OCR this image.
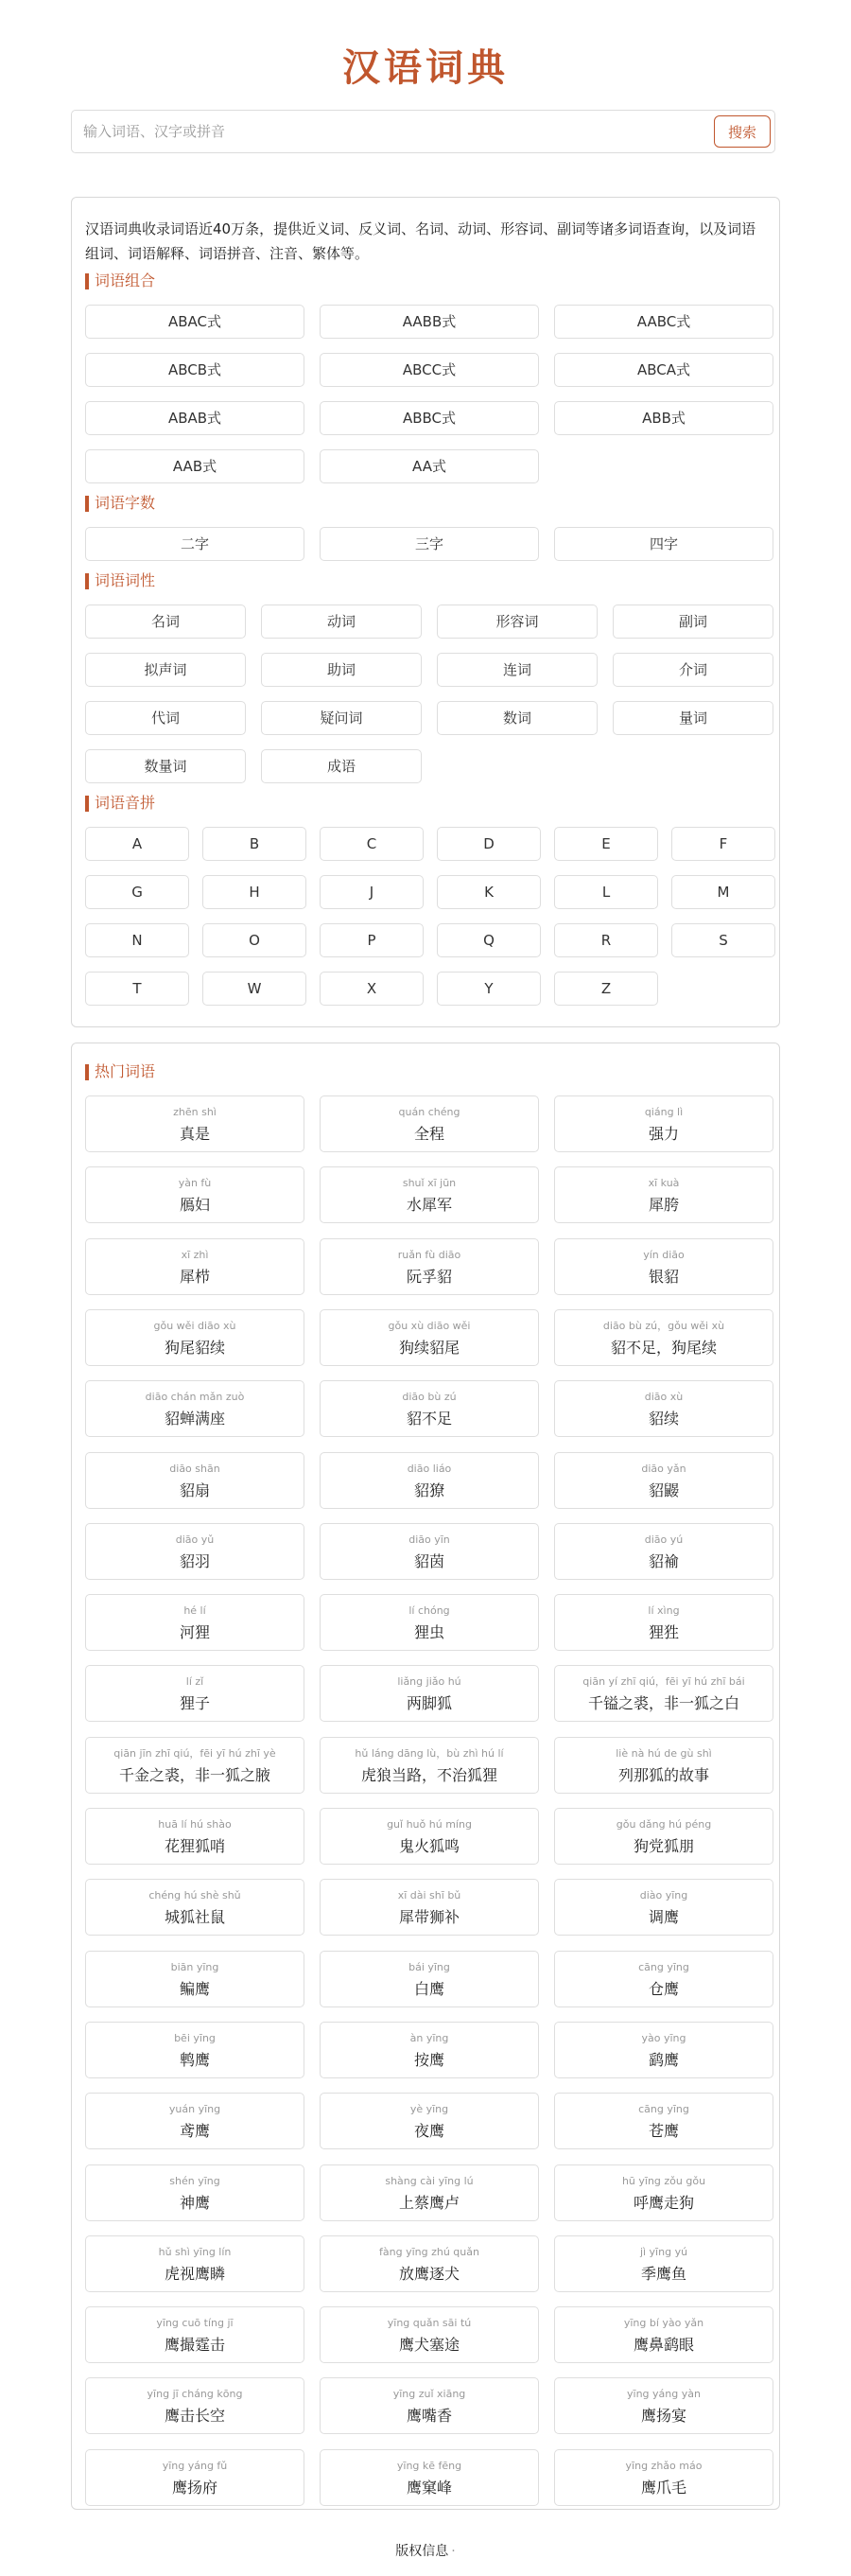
汉语词典
输入词语、汉字或拼音
搜索

汉语词典收录词语近40万条，提供近义词、反义词、名词、动词、形容词、副词等诸多词语查询，以及词语组词、词语解释、词语拼音、注音、繁体等。

词语组合
ABAC式	AABB式	AABC式
ABCB式	ABCC式	ABCA式
ABAB式	ABBC式	ABB式
AAB式	AA式
词语字数
二字	三字	四字
词语词性
名词	动词	形容词	副词
拟声词	助词	连词	介词
代词	疑问词	数词	量词
数量词	成语
词语音拼
A	B	C	D	E	F
G	H	J	K	L	M
N	O	P	Q	R	S
T	W	X	Y	Z
热门词语
zhēn shì
真是
quán chéng
全程
qiáng lì
强力
yàn fù
鴈妇
shuǐ xī jūn
水犀军
xī kuà
犀胯
xī zhì
犀栉
ruǎn fù diāo
阮孚貂
yín diāo
银貂
gǒu wěi diāo xù
狗尾貂续
gǒu xù diāo wěi
狗续貂尾
diāo bù zú，gǒu wěi xù
貂不足，狗尾续
diāo chán mǎn zuò
貂蝉满座
diāo bù zú
貂不足
diāo xù
貂续
diāo shān
貂扇
diāo liáo
貂獠
diāo yǎn
貂鼹
diāo yǔ
貂羽
diāo yīn
貂茵
diāo yú
貂褕
hé lí
河狸
lí chóng
狸虫
lí xìng
狸狌
lí zǐ
狸子
liǎng jiǎo hú
两脚狐
qiān yí zhī qiú，fēi yī hú zhī bái
千镒之裘，非一狐之白
qiān jīn zhī qiú，fēi yī hú zhī yè
千金之裘，非一狐之腋
hǔ láng dāng lù，bù zhì hú lí
虎狼当路，不治狐狸
liè nà hú de gù shì
列那狐的故事
huā lí hú shào
花狸狐哨
guǐ huǒ hú míng
鬼火狐鸣
gǒu dǎng hú péng
狗党狐朋
chéng hú shè shǔ
城狐社鼠
xī dài shī bǔ
犀带狮补
diào yīng
调鹰
biān yīng
鳊鹰
bái yīng
白鹰
cāng yīng
仓鹰
bēi yīng
鹎鹰
àn yīng
按鹰
yào yīng
鹞鹰
yuán yīng
鸢鹰
yè yīng
夜鹰
cāng yīng
苍鹰
shén yīng
神鹰
shàng cài yīng lú
上蔡鹰卢
hū yīng zǒu gǒu
呼鹰走狗
hǔ shì yīng lín
虎视鹰瞵
fàng yīng zhú quǎn
放鹰逐犬
jì yīng yú
季鹰鱼
yīng cuō tíng jī
鹰撮霆击
yīng quǎn sāi tú
鹰犬塞途
yīng bí yào yǎn
鹰鼻鹞眼
yīng jī cháng kōng
鹰击长空
yīng zuǐ xiāng
鹰嘴香
yīng yáng yàn
鹰扬宴
yīng yáng fǔ
鹰扬府
yīng kē fēng
鹰窠峰
yīng zhǎo máo
鹰爪毛
版权信息 ·
